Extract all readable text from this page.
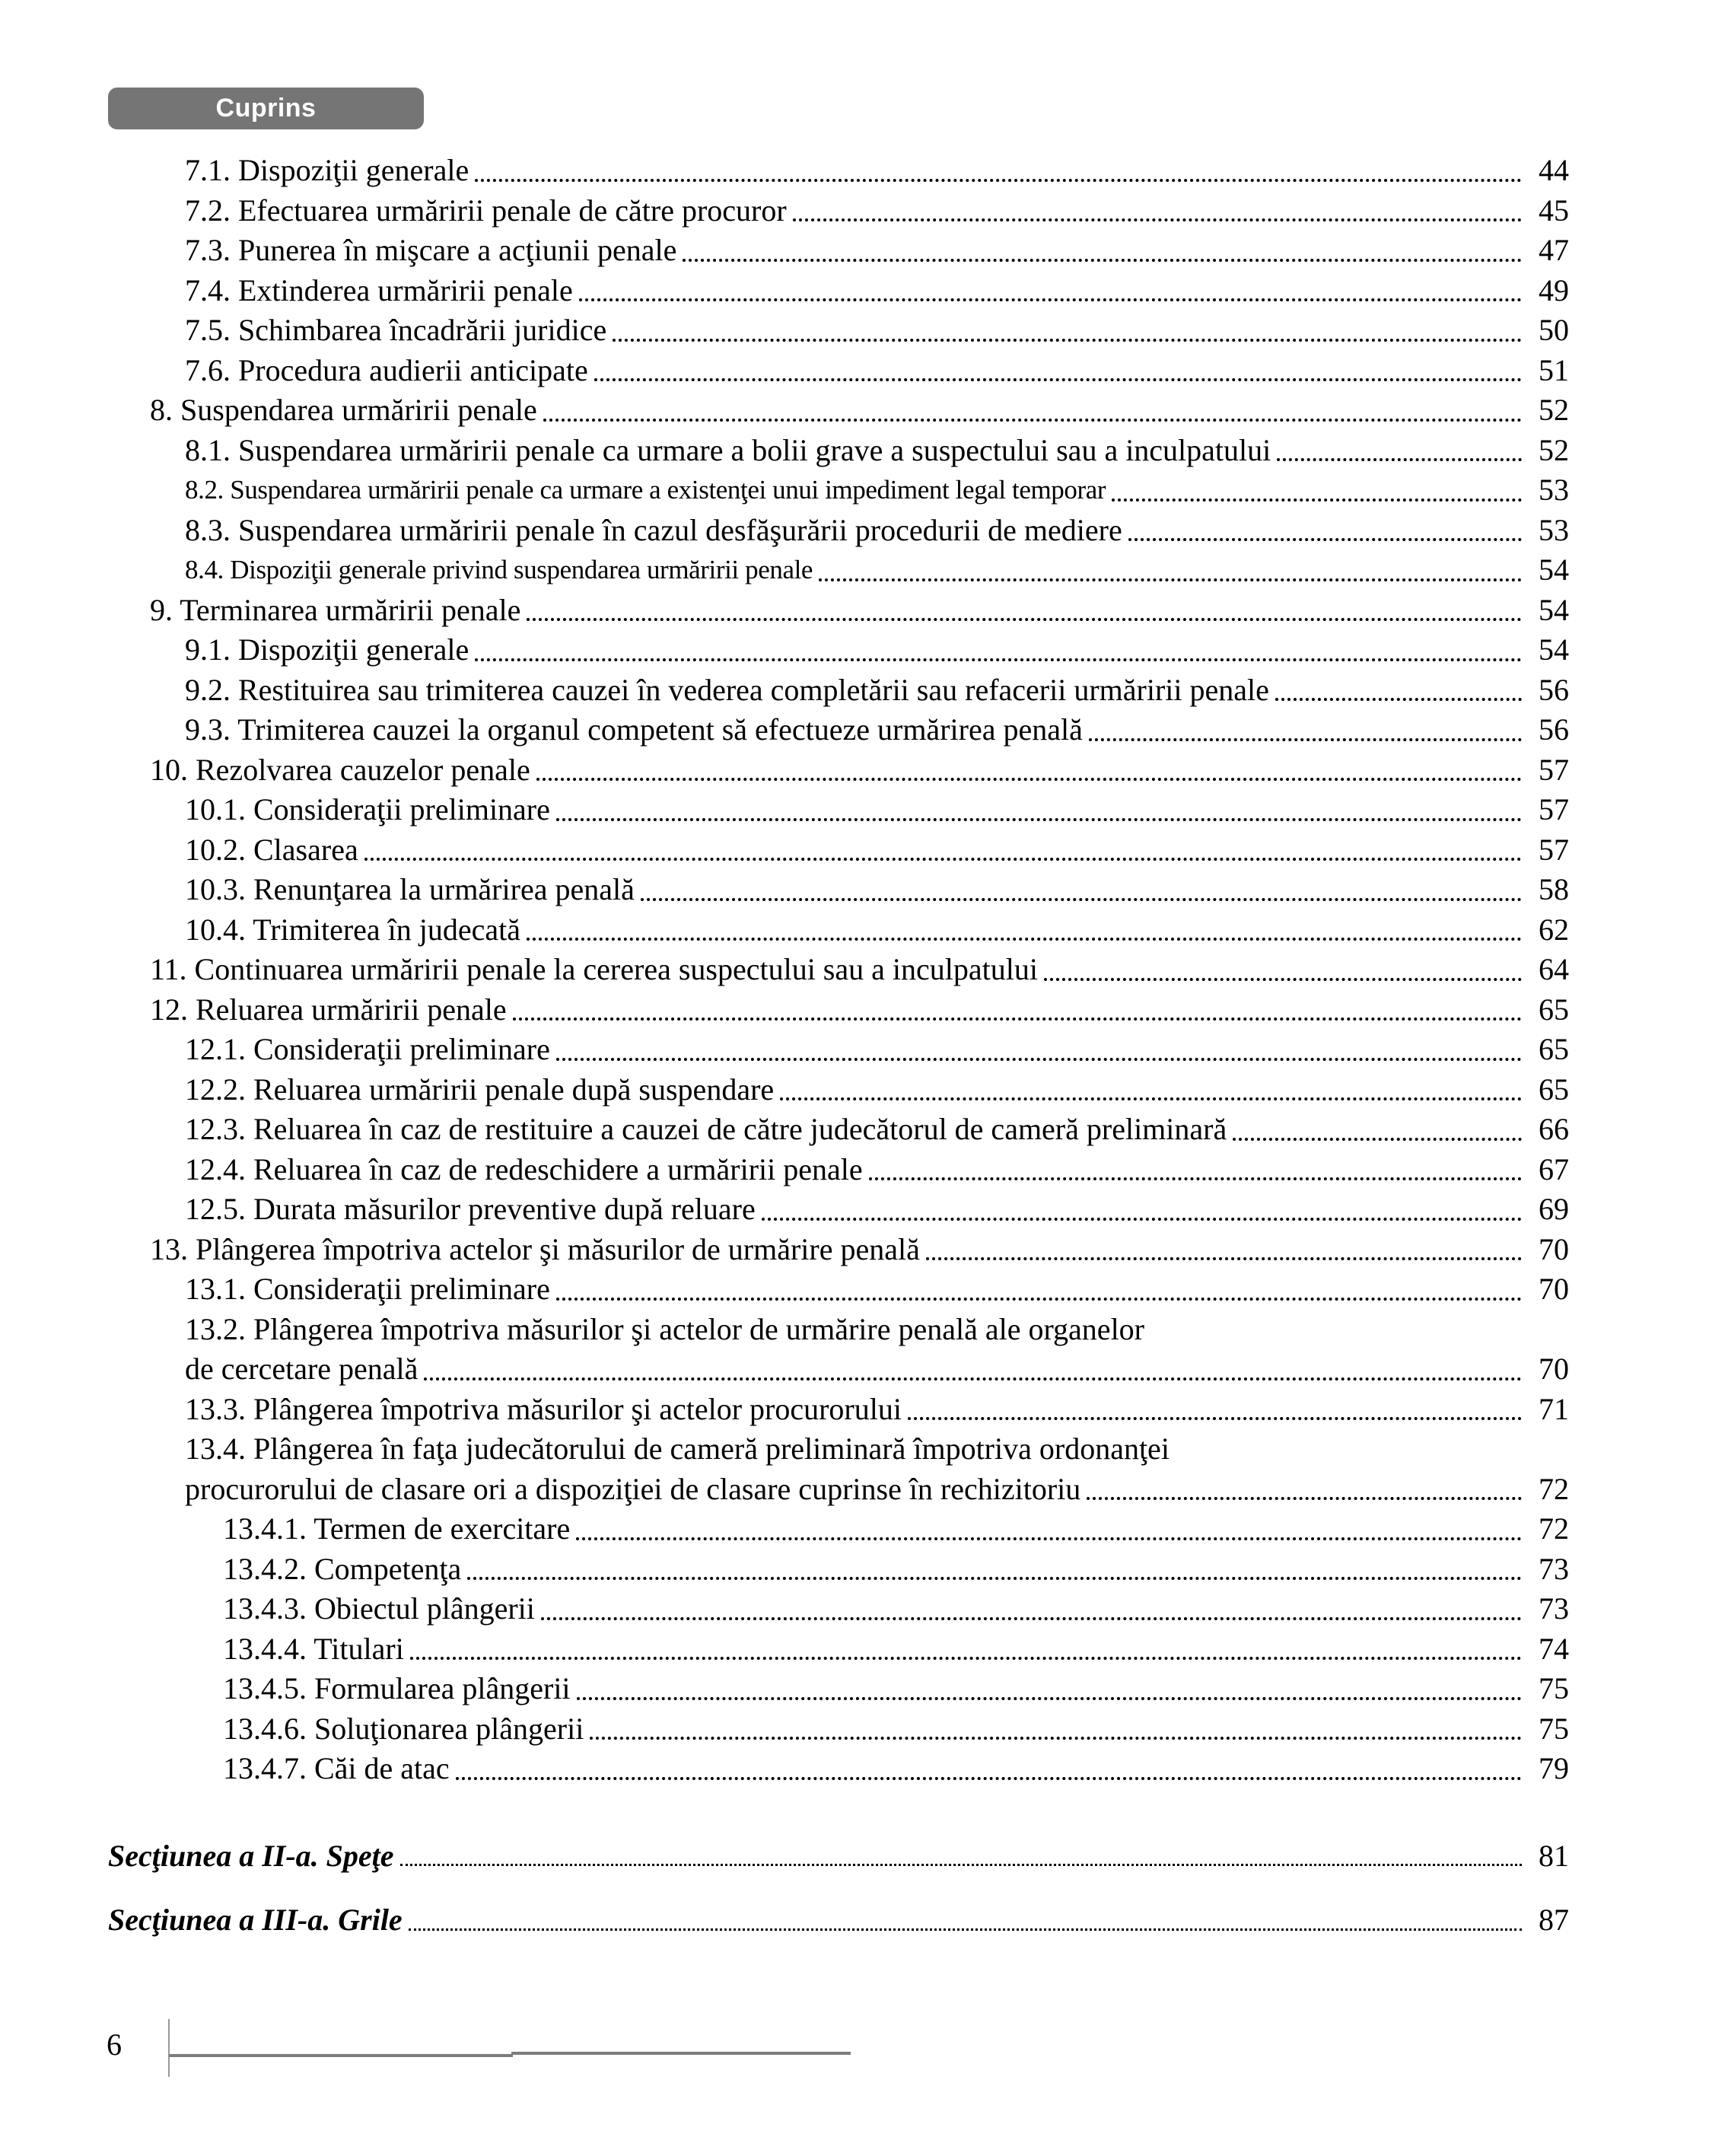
Cuprins
7.1. Dispoziţii generale	44
7.2. Efectuarea urmăririi penale de către procuror	45
7.3. Punerea în mişcare a acţiunii penale	47
7.4. Extinderea urmăririi penale	49
7.5. Schimbarea încadrării juridice	50
7.6. Procedura audierii anticipate	51
8. Suspendarea urmăririi penale	52
8.1. Suspendarea urmăririi penale ca urmare a bolii grave a suspectului sau a inculpatului	52
8.2. Suspendarea urmăririi penale ca urmare a existenţei unui impediment legal temporar	53
8.3. Suspendarea urmăririi penale în cazul desfăşurării procedurii de mediere	53
8.4. Dispoziţii generale privind suspendarea urmăririi penale	54
9. Terminarea urmăririi penale	54
9.1. Dispoziţii generale	54
9.2. Restituirea sau trimiterea cauzei în vederea completării sau refacerii urmăririi penale	56
9.3. Trimiterea cauzei la organul competent să efectueze urmărirea penală	56
10. Rezolvarea cauzelor penale	57
10.1. Consideraţii preliminare	57
10.2. Clasarea	57
10.3. Renunţarea la urmărirea penală	58
10.4. Trimiterea în judecată	62
11. Continuarea urmăririi penale la cererea suspectului sau a inculpatului	64
12. Reluarea urmăririi penale	65
12.1. Consideraţii preliminare	65
12.2. Reluarea urmăririi penale după suspendare	65
12.3. Reluarea în caz de restituire a cauzei de către judecătorul de cameră preliminară	66
12.4. Reluarea în caz de redeschidere a urmăririi penale	67
12.5. Durata măsurilor preventive după reluare	69
13. Plângerea împotriva actelor şi măsurilor de urmărire penală	70
13.1. Consideraţii preliminare	70
13.2. Plângerea împotriva măsurilor şi actelor de urmărire penală ale organelor
de cercetare penală	70
13.3. Plângerea împotriva măsurilor şi actelor procurorului	71
13.4. Plângerea în faţa judecătorului de cameră preliminară împotriva ordonanţei
procurorului de clasare ori a dispoziţiei de clasare cuprinse în rechizitoriu	72
13.4.1. Termen de exercitare	72
13.4.2. Competenţa	73
13.4.3. Obiectul plângerii	73
13.4.4. Titulari	74
13.4.5. Formularea plângerii	75
13.4.6. Soluţionarea plângerii	75
13.4.7. Căi de atac	79
Secţiunea a II-a. Speţe	81
Secţiunea a III-a. Grile	87
6
